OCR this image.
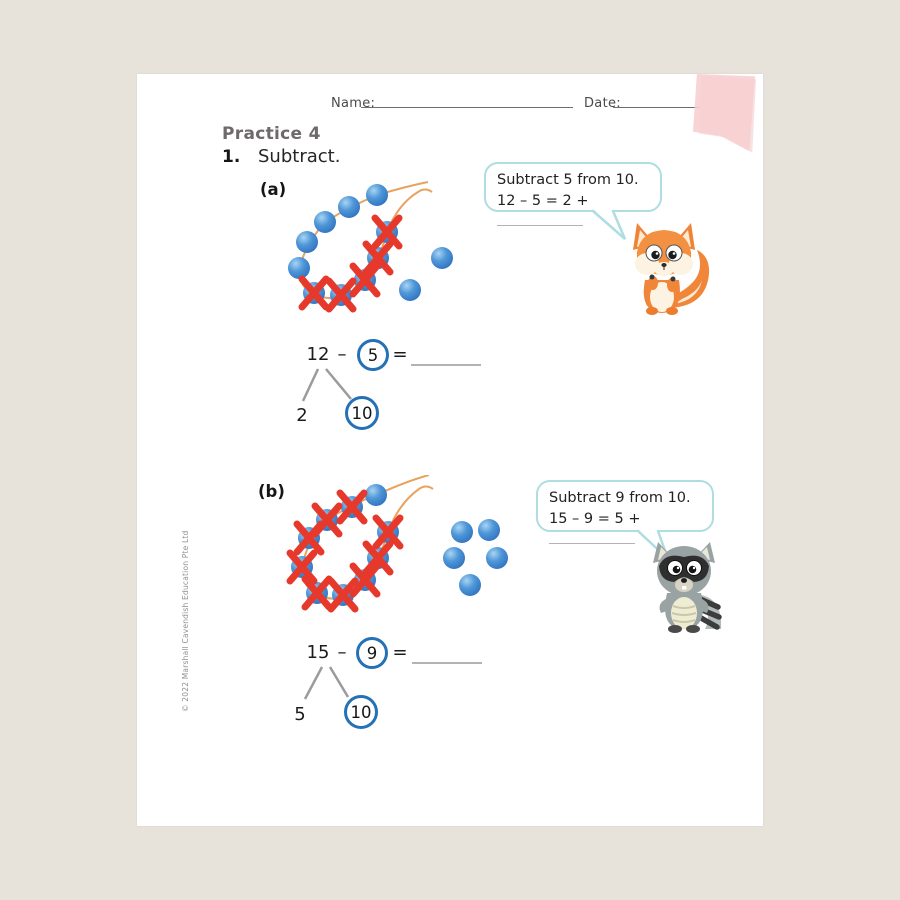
Name:	Date:
Practice 4
1. Subtract.
(a)	Subtract 5 from 10.
12 – 5 = 2 +
12 – 5 =
2	10
(b)	Subtract 9 from 10.
15 – 9 = 5 +
15 – 9 =
5	10
© 2022 Marshall Cavendish Education Pte Ltd
